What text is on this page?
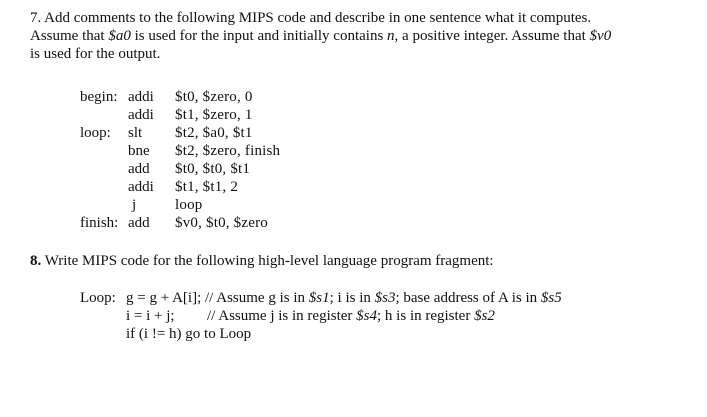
7. Add comments to the following MIPS code and describe in one sentence what it computes.
Assume that $a0 is used for the input and initially contains n, a positive integer. Assume that $v0
is used for the output.
begin: addi $t0, $zero, 0
addi $t1, $zero, 1
loop:	slt $t2, $a0, $t1
bne $t2, $zero, finish
add $t0, $t0, $t1
addi $t1, $t1, 2
j	loop
finish: add $v0, $t0, $zero
8. Write MIPS code for the following high-level language program fragment:
Loop: g = g + A[i]; // Assume g is in $s1; i is in $s3; base address of A is in $s5
i = i + j; // Assume j is in register $s4; h is in register $s2
if (i != h) go to Loop
